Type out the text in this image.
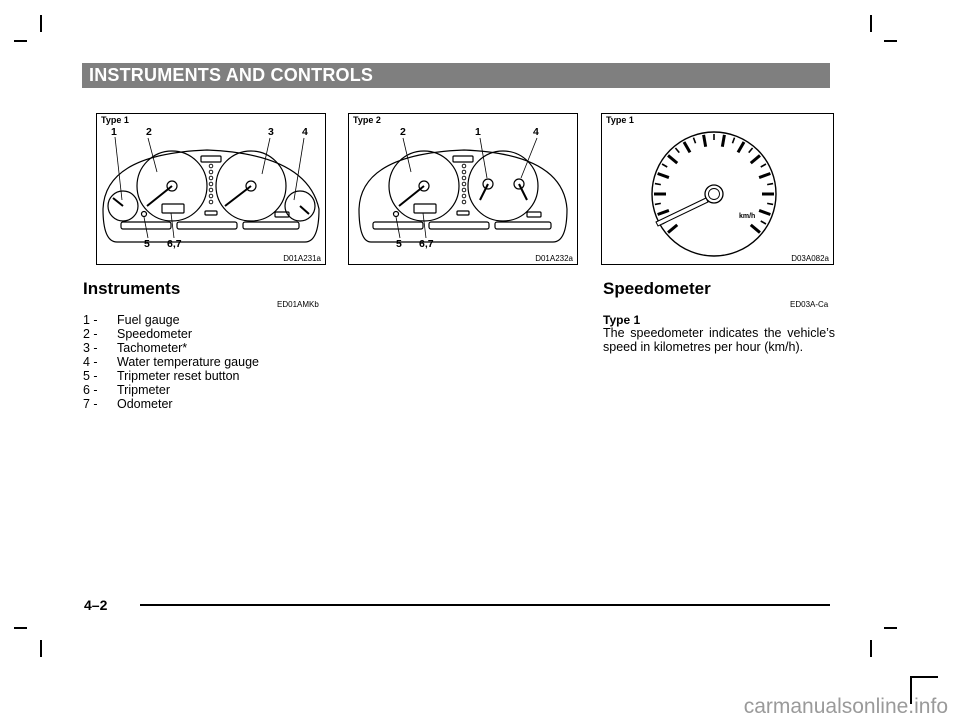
INSTRUMENTS AND CONTROLS
Type 1
D01A231a
1	2	3	4
5 6,7
Type 2
D01A232a
2	1	4
5 6,7
Type 1
D03A082a
km/h
Instruments
ED01AMKb
1 - Fuel gauge
2 - Speedometer
3 - Tachometer*
4 - Water temperature gauge
5 - Tripmeter reset button
6 - Tripmeter
7 - Odometer
Speedometer
ED03A-Ca
Type 1
The speedometer indicates the vehicle’s speed in kilometres per hour (km/h).
4–2
carmanualsonline.info
